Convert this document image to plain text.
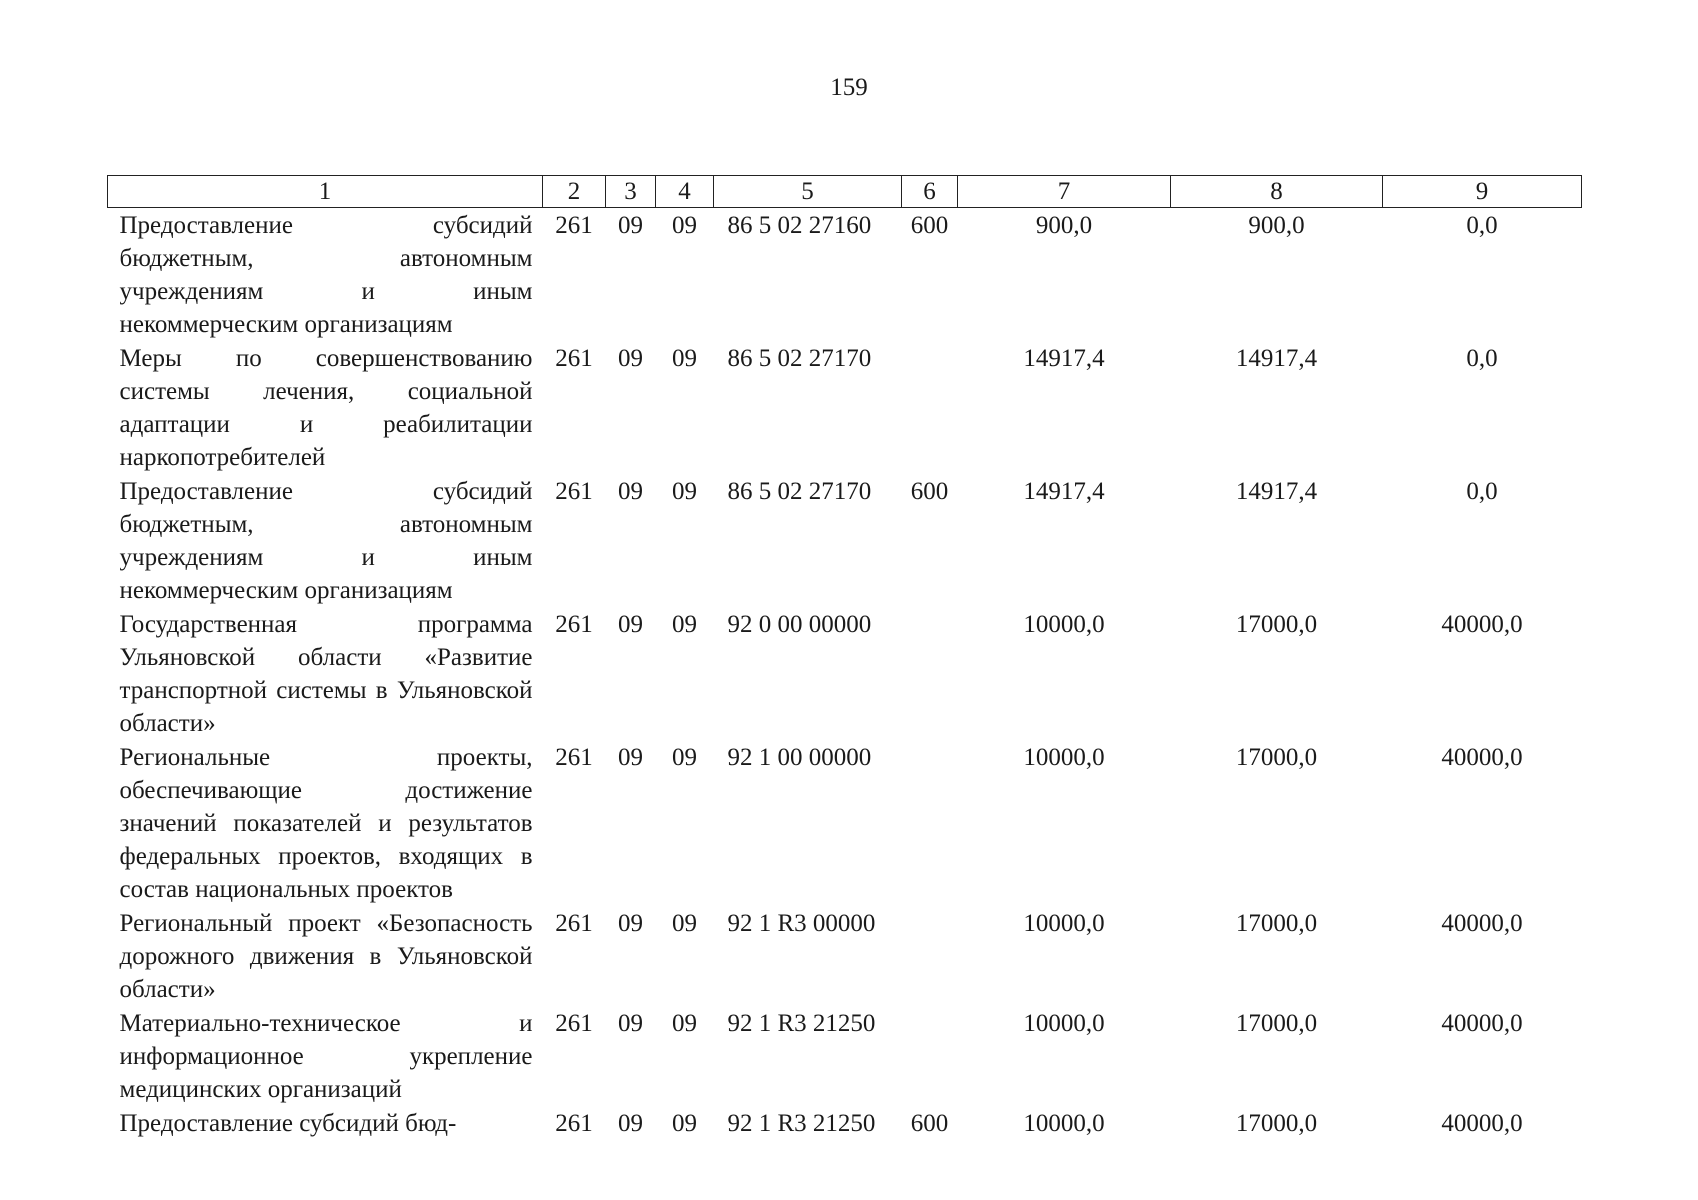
159
1	2	3	4	5	6	7	8	9
Предоставление субсидий бюджетным, автономным учреждениям и иным некоммерческим организациям	261	09	09	86 5 02 27160	600	900,0	900,0	0,0
Меры по совершенствованию системы лечения, социальной адаптации и реабилитации наркопотребителей	261	09	09	86 5 02 27170		14917,4	14917,4	0,0
Предоставление субсидий бюджетным, автономным учреждениям и иным некоммерческим организациям	261	09	09	86 5 02 27170	600	14917,4	14917,4	0,0
Государственная программа Ульяновской области «Развитие транспортной системы в Ульяновской области»	261	09	09	92 0 00 00000		10000,0	17000,0	40000,0
Региональные проекты, обеспечивающие достижение значений показателей и результатов федеральных проектов, входящих в состав национальных проектов	261	09	09	92 1 00 00000		10000,0	17000,0	40000,0
Региональный проект «Безопасность дорожного движения в Ульяновской области»	261	09	09	92 1 R3 00000		10000,0	17000,0	40000,0
Материально-техническое и информационное укрепление медицинских организаций	261	09	09	92 1 R3 21250		10000,0	17000,0	40000,0
Предоставление субсидий бюд-	261	09	09	92 1 R3 21250	600	10000,0	17000,0	40000,0
